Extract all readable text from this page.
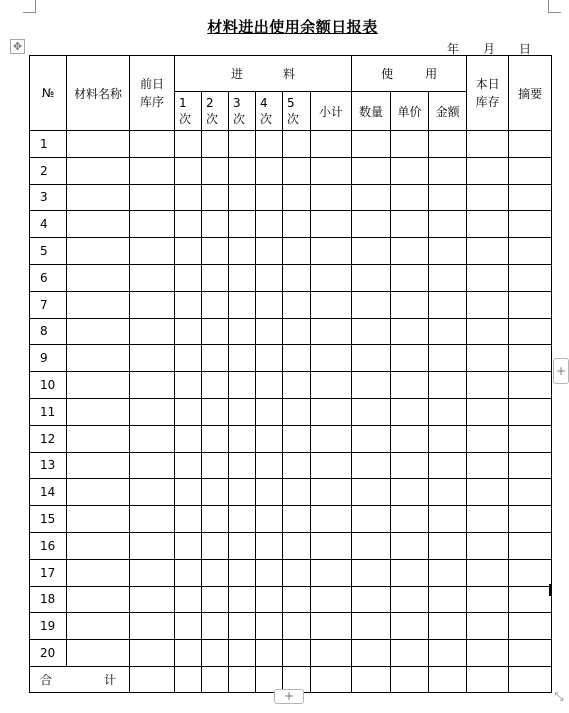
✥
材料进出使用余额日报表
年 月 日
№	材料名称	前日库序	进 料						使 用			本日库存	摘要
			1次	2次	3次	4次	5次	小计	数量	单价	金额		
1													
2													
3													
4													
5													
6													
7													
8													
9													
10													
11													
12													
13													
14													
15													
16													
17													
18													
19													
20													
合 计													
+
+	⤡
